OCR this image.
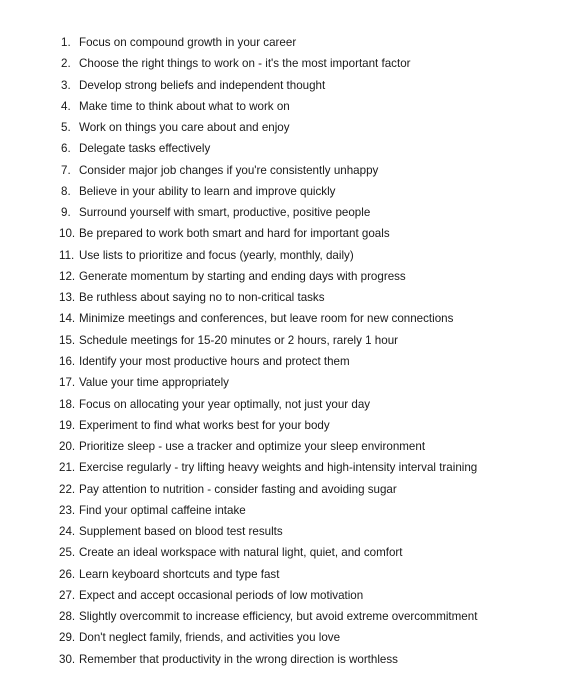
1. Focus on compound growth in your career
2. Choose the right things to work on - it's the most important factor
3. Develop strong beliefs and independent thought
4. Make time to think about what to work on
5. Work on things you care about and enjoy
6. Delegate tasks effectively
7. Consider major job changes if you're consistently unhappy
8. Believe in your ability to learn and improve quickly
9. Surround yourself with smart, productive, positive people
10. Be prepared to work both smart and hard for important goals
11. Use lists to prioritize and focus (yearly, monthly, daily)
12. Generate momentum by starting and ending days with progress
13. Be ruthless about saying no to non-critical tasks
14. Minimize meetings and conferences, but leave room for new connections
15. Schedule meetings for 15-20 minutes or 2 hours, rarely 1 hour
16. Identify your most productive hours and protect them
17. Value your time appropriately
18. Focus on allocating your year optimally, not just your day
19. Experiment to find what works best for your body
20. Prioritize sleep - use a tracker and optimize your sleep environment
21. Exercise regularly - try lifting heavy weights and high-intensity interval training
22. Pay attention to nutrition - consider fasting and avoiding sugar
23. Find your optimal caffeine intake
24. Supplement based on blood test results
25. Create an ideal workspace with natural light, quiet, and comfort
26. Learn keyboard shortcuts and type fast
27. Expect and accept occasional periods of low motivation
28. Slightly overcommit to increase efficiency, but avoid extreme overcommitment
29. Don't neglect family, friends, and activities you love
30. Remember that productivity in the wrong direction is worthless
